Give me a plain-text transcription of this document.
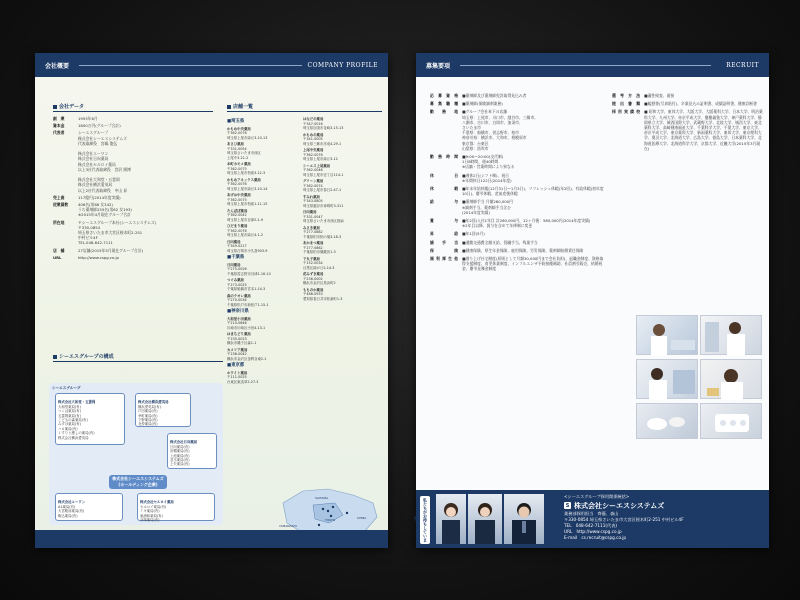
会社概要	COMPANY PROFILE
会社データ
創　業	1993年6月
資本金	1800万円(グループ合計)
代表者	シーエスグループ
株式会社シーエスシステムズ
代表取締役　宮嶋 俊弘

株式会社エーワン
株式会社日向薬局
株式会社セルロイ薬局
以上3社代表取締役　宮沢 勝博

株式会社大和堂・五霊岡
株式会社横浜愛英局
以上2社代表取締役　中山 昇
売上高	117億円(2014年度実績)
従業員数	406名(男66 女342)
うち薬剤師255名(男62 女193)
※2015年4月現在グループ合計
所在地	〒シーエスグループ本社(シーエスシステムズ)
〒330-0854
埼玉県さいたま市大宮区桜木町2-251
中村ビル4F
TEL.048-642-7111
店　舗	27店舗(2015年5月現在グループ合計)
URL	http://www.cspg.co.jp
シーエスグループの構成
シーエスグループ

株式会社大和堂・五霊岡
大和堂薬局(有)
つくば薬局(有)
五霊岡薬局(有)
こどもの森薬局(有)
みずほ薬局(有)
ハロ薬局(有)
くすりと癒しの薬局(有)
株式会社横浜愛英局

株式会社横浜愛英局
横浜愛英局(有)
戸田薬局(有)
幸町薬局(有)
下野薬局(有)
北仲薬局(有)

株式会社日向薬局
日向薬局(有)
岩槻薬局(有)
上池薬局(有)
並木薬局(有)
上矢薬局(有)

株式会社シーエスシステムズ
(ホールディング企業)

株式会社エーワン
A1薬局(有)
大宮駅前薬局(有)
駒込薬局(有)

株式会社セルロイ薬局
セルロイ薬局(有)
ミキ薬局(有)
東浦和薬局(有)
谷塚薬局(有)

店舗一覧
■埼玉県
かもめ中央薬局
〒362-0076
埼玉県上尾市緑丘3-10-13
あさひ薬局
〒331-0054
埼玉県さいたま市西区
上尾中3-21-2
本町カモメ薬局
〒362-0075
埼玉県上尾市柏座3-12-3
かもめアネックス薬局
〒362-0076
埼玉県上尾市緑丘3-10-14
あげお中央薬局
〒362-0075
埼玉県上尾市柏座1-11-15
たんぽぽ薬局
〒362-0042
埼玉県上尾市谷津2-1-9
ひだまり薬局
〒362-0076
埼玉県上尾市緑丘4-1-2
日向薬局
〒349-0217
埼玉県白岡市小久喜903-9
■千葉県
日向薬局
〒275-0026
千葉県習志野市谷津1-16-10
つぐみ薬局
〒273-0025
千葉県船橋市宮本1-14-3
森のクオレ薬局
〒270-0034
千葉県松戸市新松戸1-15-1
■神奈川県
大和堂小田薬局
〒210-0846
川崎市川崎区小田4-13-1
はまちどり薬局
〒235-0023
横浜市磯子区森1-1
カメリア薬局
〒236-0042
横浜市金沢区釜利谷東2-1
■東京都
ホワイト薬局
〒111-0025
台東区東浅草2-27-3
はなだの薬局
〒347-0016
埼玉県加須市花崎3-15-13
かもめの薬局
〒341-0005
埼玉県三郷市彦成4-29-1
上尾中央薬局
〒362-0076
埼玉県上尾市緑丘3-12
シーエス上尾薬局
〒362-0046
埼玉県上尾市壱丁目114-1
グリーン薬局
〒362-0074
埼玉県上尾市春日2-47-1
すみれ薬局
〒343-0805
埼玉県越谷市神明町3-311
日向薬局
〒331-0047
埼玉県さいたま市西区指扇
みさき薬局
〒277-0882
千葉県柏市柏の葉3-18-3
あかまつ薬局
〒277-0862
千葉県柏市篠籠田1-3
下丸子薬局
〒152-0034
目黒区緑が丘2-14-3
花みずき薬局
〒236-0002
横浜市金沢区鳥浜町2
もものか薬局
〒486-0933
愛知県春日井市松新町1-3
SAITAMA
TOKYO
YAMANASHI
CHIBA
募集要項	RECRUIT
応募資格 ■薬剤師及び薬剤師免許取得見込み者
募集職種 ■薬剤師(保険調剤業務)
勤務地 ■グループ会社傘下の店舗
埼玉県：上尾市、川口市、越谷市、三郷市、
八潮市、吉川市、白岡市、加須市、
さいたま市
千葉県：船橋市、習志野市、柏市
神奈川県：横浜市、大和市、相模原市
東京都：台東区
山梨県：笛吹市
勤務時間 ■9:00～20:00(交代制)
1日8時間、週40時間
※店舗・営業時間により異なる
休日 ■週休2日(シフト制)、祝日
※年間休日122日(2014年度)
休暇 ■年末年始休暇(12月31日～1月3日)、リフレッシュ休暇(年2回)、有給休暇(初年度10日)、慶弔休暇、産前産後休暇
給与 ■薬剤師手当 月額280,000円
※調剤手当、薬剤師手当含む
(2014年度実績)
賞与 ■年2回(入社1年目 計260,000円、12ヶ月後：580,000円(2014年度実績)
※2年目以降、賞与を含めて年俸制に変更
昇給 ■年1回(5月)
諸手当 ■通勤交通費全額支給、役職手当、残業手当
保険 ■健康保険、厚生年金保険、雇用保険、労災保険、薬剤師賠償責任保険
福利厚生他 ■借り上げ社宅制度(原則として月額30,000円まで会社負担)、退職金制度、資格取得支援制度、育児休業制度、インフルエンザ予防接種補助、社員割引販売、結婚祝金、慶弔見舞金制度
選考方法 ■適性検査、面接
提出書類 ■履歴書(写真貼付)、卒業見込み証明書、成績証明書、健康診断書
採用実績校 ■ 昭和大学、東邦大学、大阪大学、大阪薬科大学、日本大学、明治薬科大学、九州大学、帝京平成大学、慶應義塾大学、神戸薬科大学、静岡県立大学、城西国際大学、武蔵野大学、北陸大学、城西大学、東北薬科大学、高崎健康福祉大学、千葉科学大学、千葉大学、東京大学、帝京平成大学、東京薬科大学、新潟薬科大学、東邦大学、東京理科大学、奥羽大学、北海道大学、広島大学、徳島大学、日本薬科大学、北海道医療大学、北海道科学大学、京都大学、近畿大学(2015年3月現在)
私たちがお待ちしています。
<シーエスグループ採用関係統括>
S 株式会社シーエスシステムズ
業務部採用担当　齊藤、森山
〒330-0854 埼玉県さいたま市大宮区桜木町2-251 中村ビル4F
TEL　048-642-7111(代表)
URL　http://www.cspg.co.jp
E-mail　cs.recruit@cspg.co.jp
